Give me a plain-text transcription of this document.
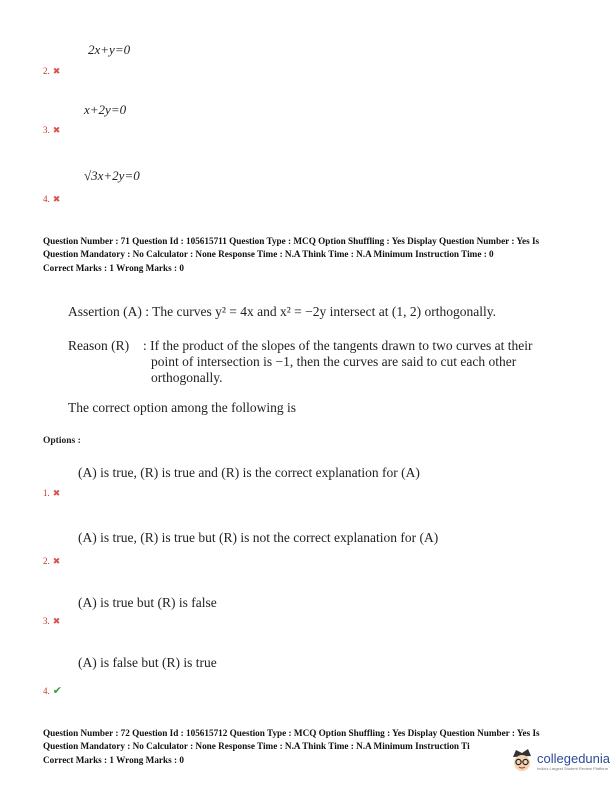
2x+y=0
2. ✖
x+2y=0
3. ✖
√3x+2y=0
4. ✖
Question Number : 71 Question Id : 105615711 Question Type : MCQ Option Shuffling : Yes Display Question Number : Yes Is
Question Mandatory : No Calculator : None Response Time : N.A Think Time : N.A Minimum Instruction Time : 0
Correct Marks : 1 Wrong Marks : 0
Assertion (A) : The curves y² = 4x and x² = −2y intersect at (1, 2) orthogonally.
Reason (R) : If the product of the slopes of the tangents drawn to two curves at their
point of intersection is −1, then the curves are said to cut each other
orthogonally.
The correct option among the following is
Options :
(A) is true, (R) is true and (R) is the correct explanation for (A)
1. ✖
(A) is true, (R) is true but (R) is not the correct explanation for (A)
2. ✖
(A) is true but (R) is false
3. ✖
(A) is false but (R) is true
4. ✔
Question Number : 72 Question Id : 105615712 Question Type : MCQ Option Shuffling : Yes Display Question Number : Yes Is
Question Mandatory : No Calculator : None Response Time : N.A Think Time : N.A Minimum Instruction Ti
Correct Marks : 1 Wrong Marks : 0	collegedunia
India's Largest Student Review Platform
